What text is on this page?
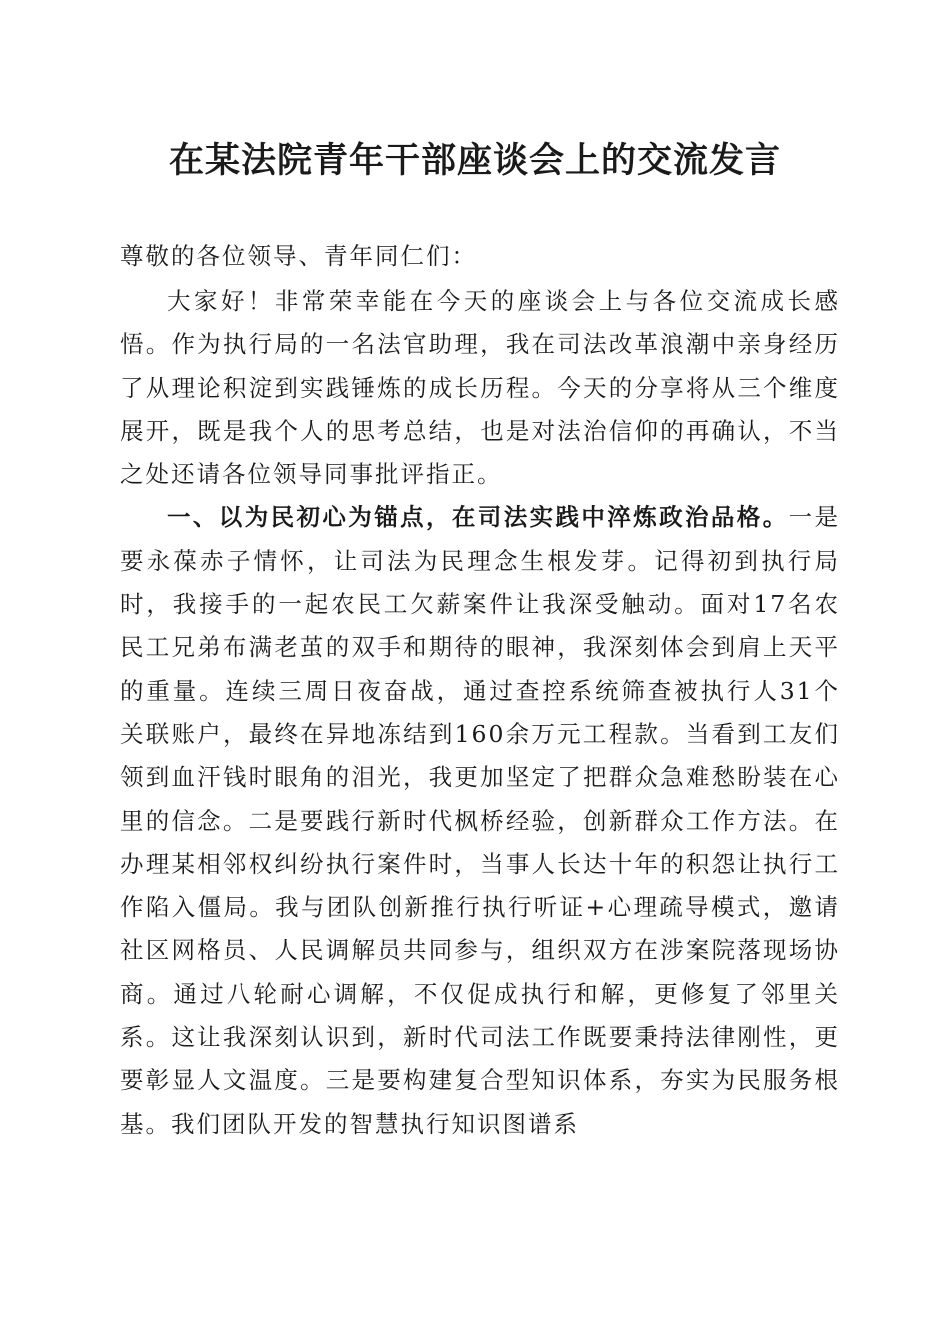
在某法院青年干部座谈会上的交流发言

尊敬的各位领导、青年同仁们：

大家好！非常荣幸能在今天的座谈会上与各位交流成长感悟。作为执行局的一名法官助理，我在司法改革浪潮中亲身经历了从理论积淀到实践锤炼的成长历程。今天的分享将从三个维度展开，既是我个人的思考总结，也是对法治信仰的再确认，不当之处还请各位领导同事批评指正。

一、以为民初心为锚点，在司法实践中淬炼政治品格。一是要永葆赤子情怀，让司法为民理念生根发芽。记得初到执行局时，我接手的一起农民工欠薪案件让我深受触动。面对17名农民工兄弟布满老茧的双手和期待的眼神，我深刻体会到肩上天平的重量。连续三周日夜奋战，通过查控系统筛查被执行人31个关联账户，最终在异地冻结到160余万元工程款。当看到工友们领到血汗钱时眼角的泪光，我更加坚定了把群众急难愁盼装在心里的信念。二是要践行新时代枫桥经验，创新群众工作方法。在办理某相邻权纠纷执行案件时，当事人长达十年的积怨让执行工作陷入僵局。我与团队创新推行执行听证+心理疏导模式，邀请社区网格员、人民调解员共同参与，组织双方在涉案院落现场协商。通过八轮耐心调解，不仅促成执行和解，更修复了邻里关系。这让我深刻认识到，新时代司法工作既要秉持法律刚性，更要彰显人文温度。三是要构建复合型知识体系，夯实为民服务根基。我们团队开发的智慧执行知识图谱系
